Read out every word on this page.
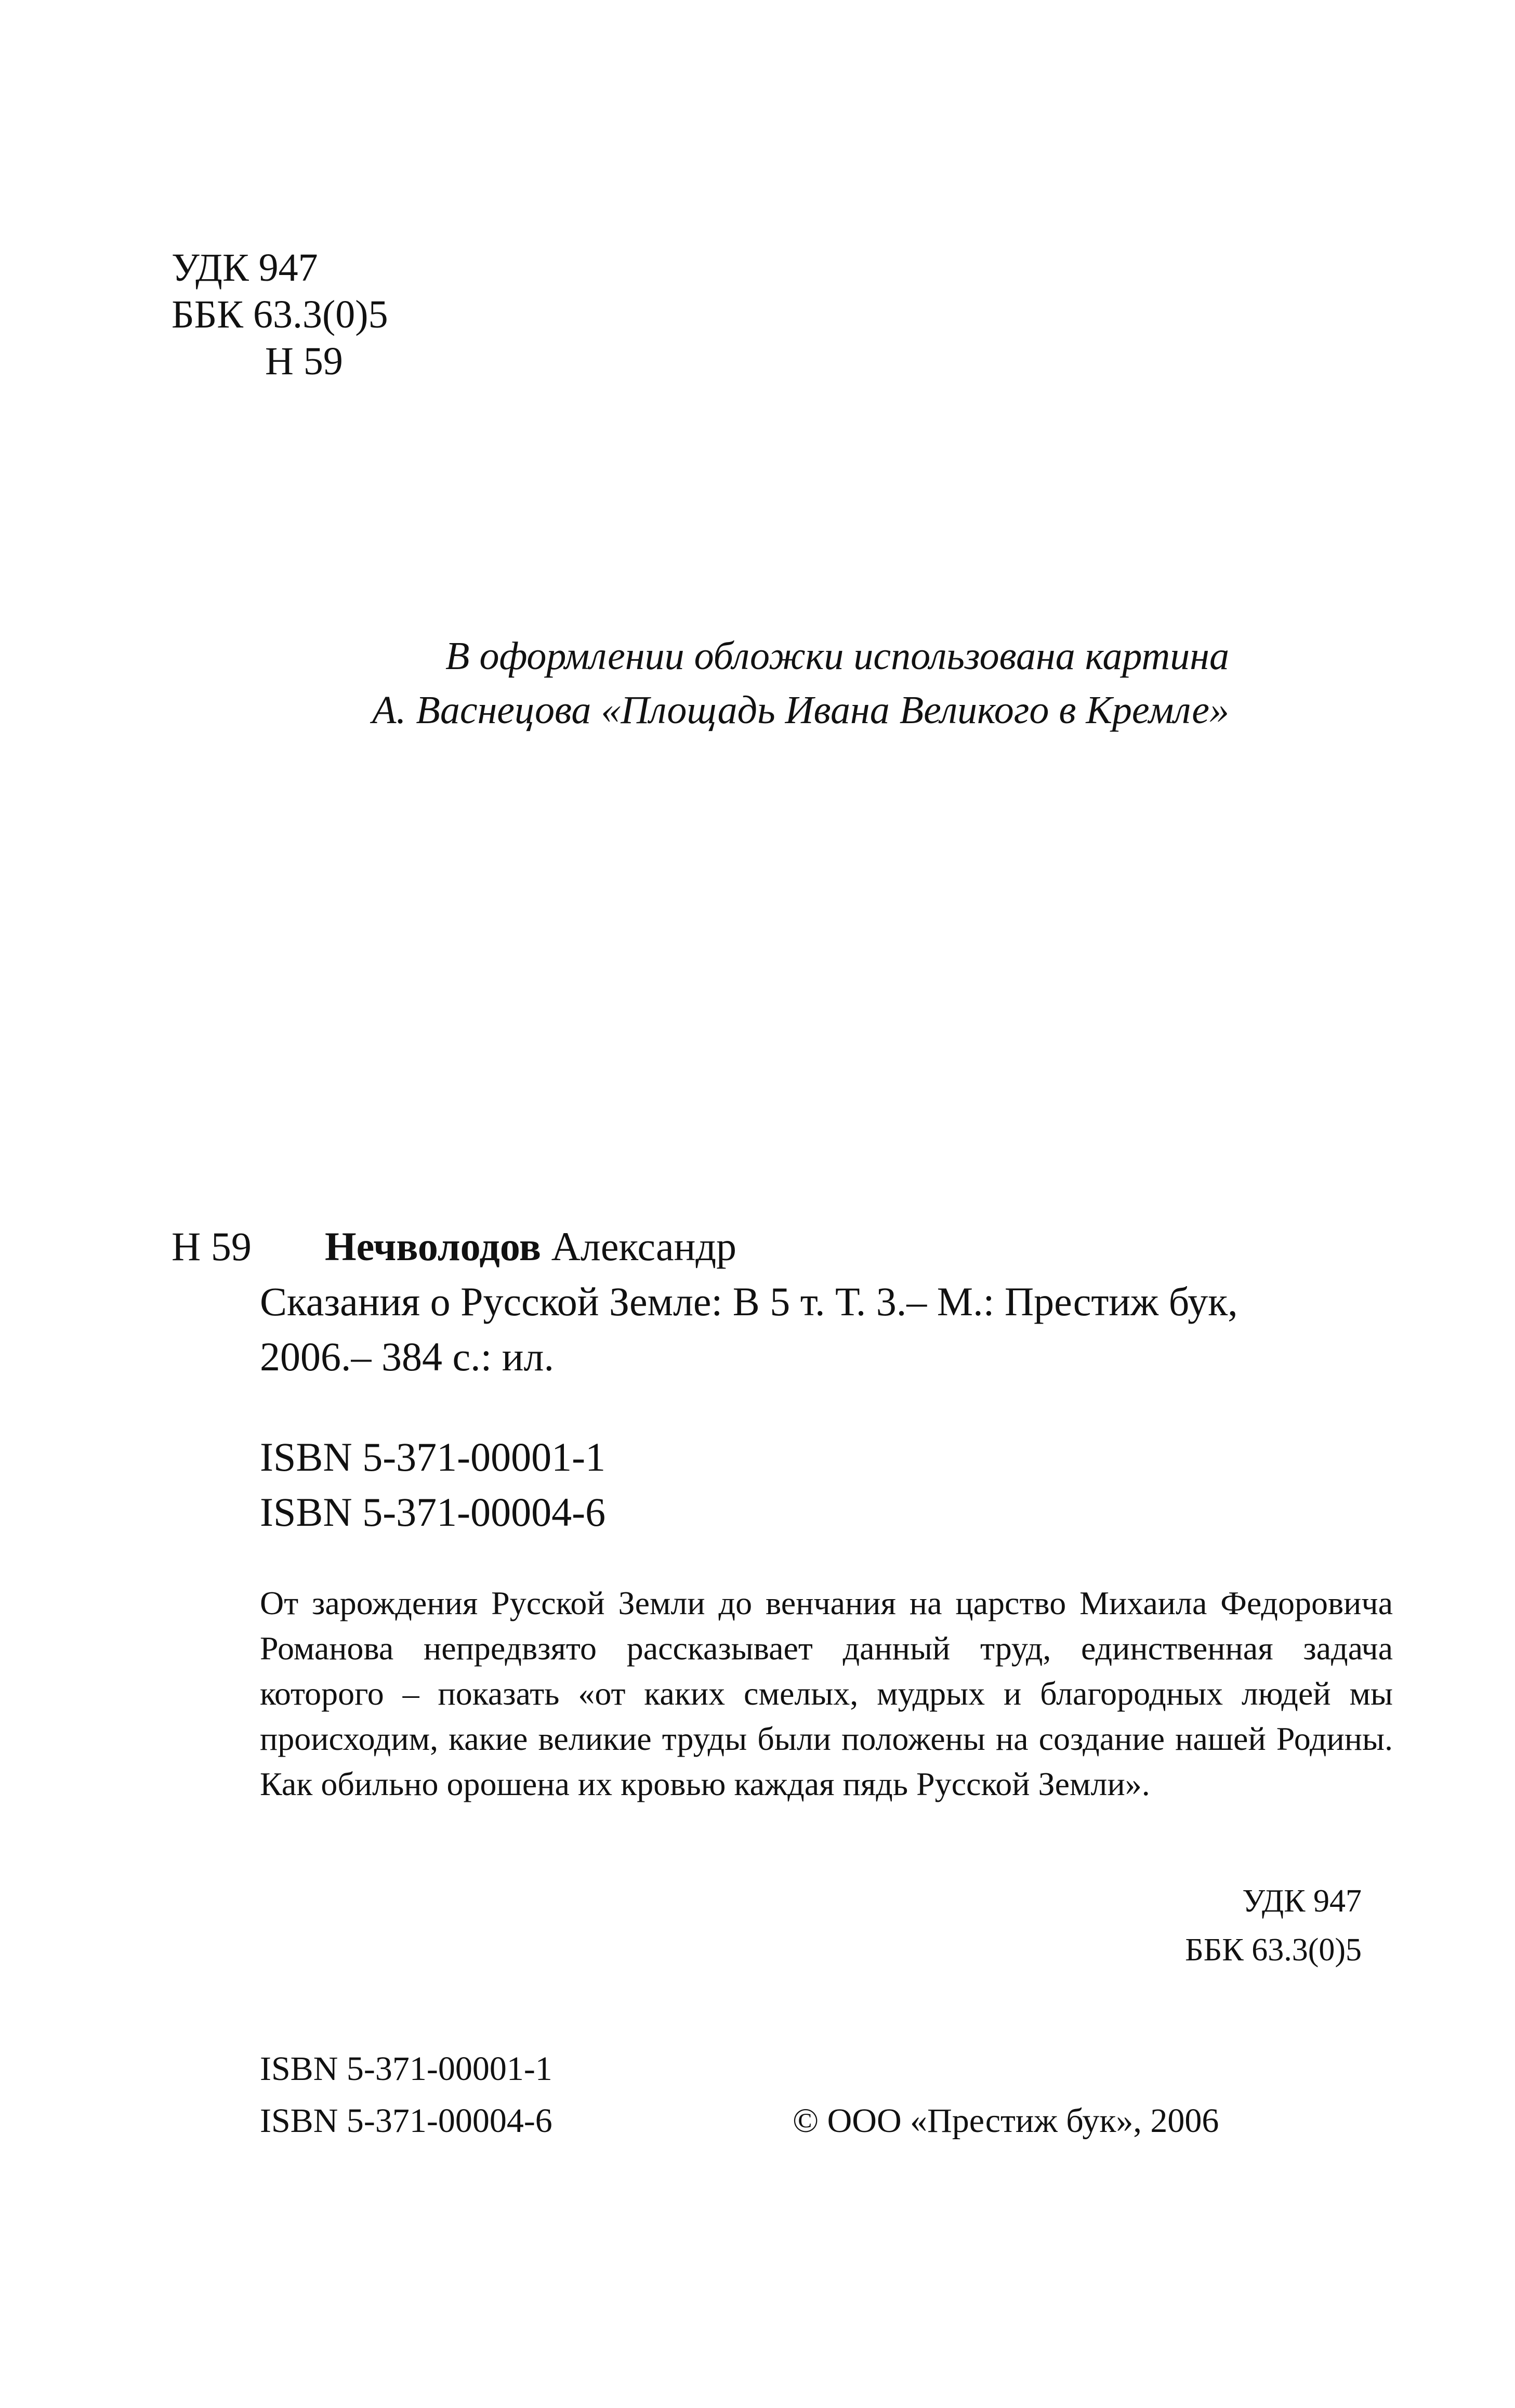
УДК 947
ББК 63.3(0)5
Н 59
В оформлении обложки использована картина
А. Васнецова «Площадь Ивана Великого в Кремле»
Н 59 Нечволодов Александр
Сказания о Русской Земле: В 5 т. Т. 3.– М.: Престиж бук,
2006.– 384 с.: ил.
ISBN 5-371-00001-1
ISBN 5-371-00004-6
От зарождения Русской Земли до венчания на царство Михаила Федоровича Романова непредвзято рассказывает данный труд, единственная задача которого – показать «от каких смелых, мудрых и благородных людей мы происходим, какие великие труды были положены на создание нашей Родины. Как обильно орошена их кровью каждая пядь Русской Земли».
УДК 947
ББК 63.3(0)5
ISBN 5-371-00001-1
ISBN 5-371-00004-6	© ООО «Престиж бук», 2006
